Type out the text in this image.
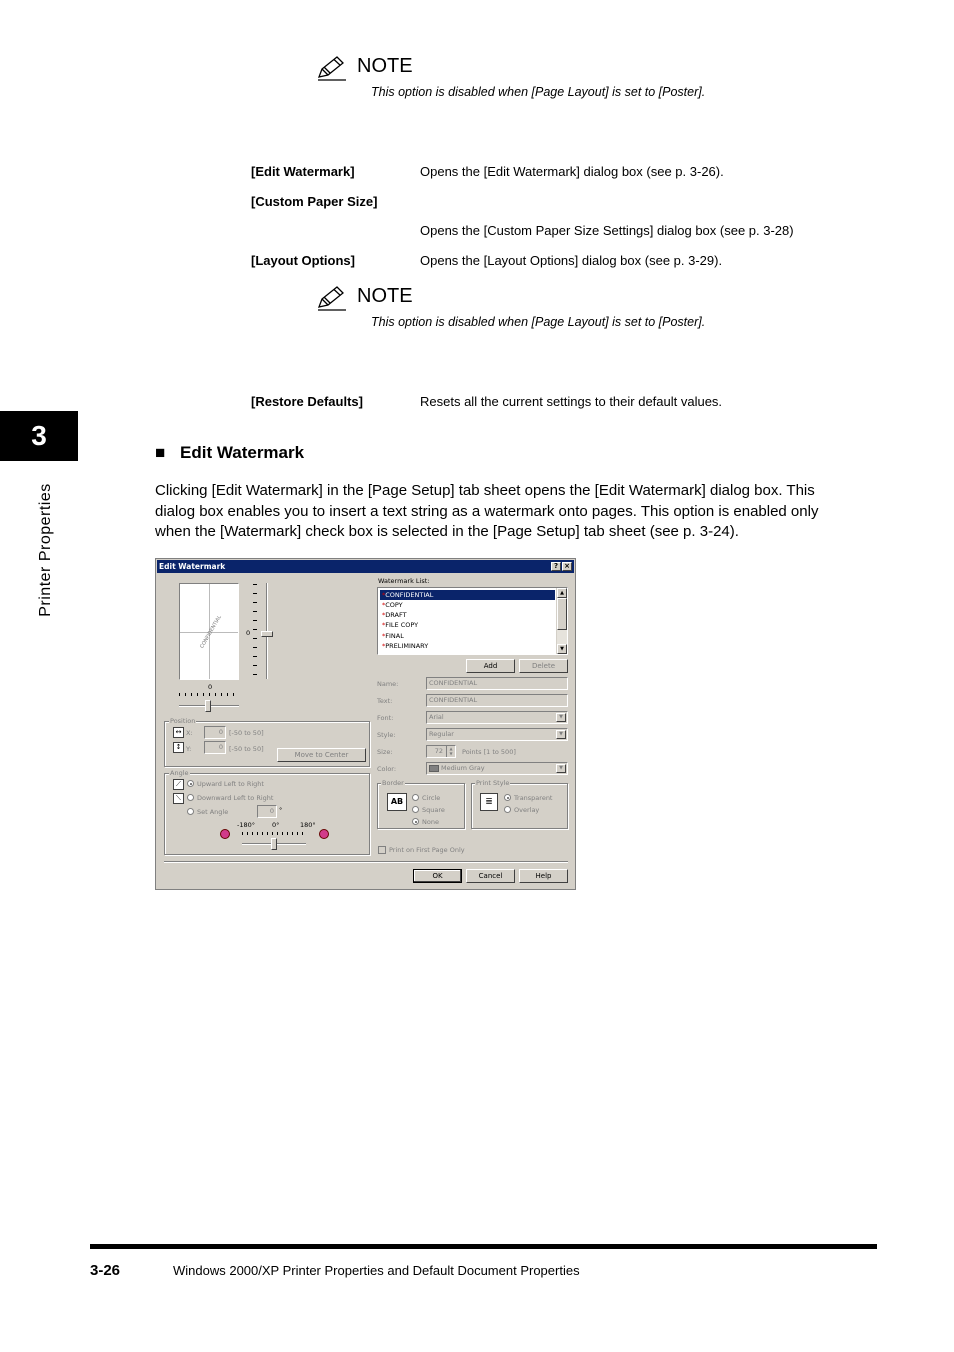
3
Printer Properties
NOTE
This option is disabled when [Page Layout] is set to [Poster].
[Edit Watermark]	Opens the [Edit Watermark] dialog box (see p. 3-26).
[Custom Paper Size]
Opens the [Custom Paper Size Settings] dialog box (see p. 3-28)
[Layout Options]	Opens the [Layout Options] dialog box (see p. 3-29).
NOTE
This option is disabled when [Page Layout] is set to [Poster].
[Restore Defaults]	Resets all the current settings to their default values.
■ Edit Watermark
Clicking [Edit Watermark] in the [Page Setup] tab sheet opens the [Edit Watermark] dialog box. This
dialog box enables you to insert a text string as a watermark onto pages. This option is enabled only
when the [Watermark] check box is selected in the [Page Setup] tab sheet (see p. 3-24).
Edit Watermark	? ×
CONFIDENTIAL	0
0
Position
↔ X:	0 [-50 to 50]
↕ Y:	0 [-50 to 50]
Move to Center
Angle
⟋	Upward Left to Right
⟍	Downward Left to Right
Set Angle	0 °
-180°	0°	180°
Watermark List:
*CONFIDENTIAL
*COPY
*DRAFT
*FILE COPY
*FINAL
*PRELIMINARY
▲
▼
Add	Delete
Name:	CONFIDENTIAL
Text:	CONFIDENTIAL
Font:	Arial	▼
Style:	Regular	▼
Size:	72	▲
▼	Points [1 to 500]
Color:	Medium Gray	▼
Border
AB	Circle
Square
None
Print Style
≣	Transparent
Overlay
Print on First Page Only
OK	Cancel	Help
3-26	Windows 2000/XP Printer Properties and Default Document Properties
